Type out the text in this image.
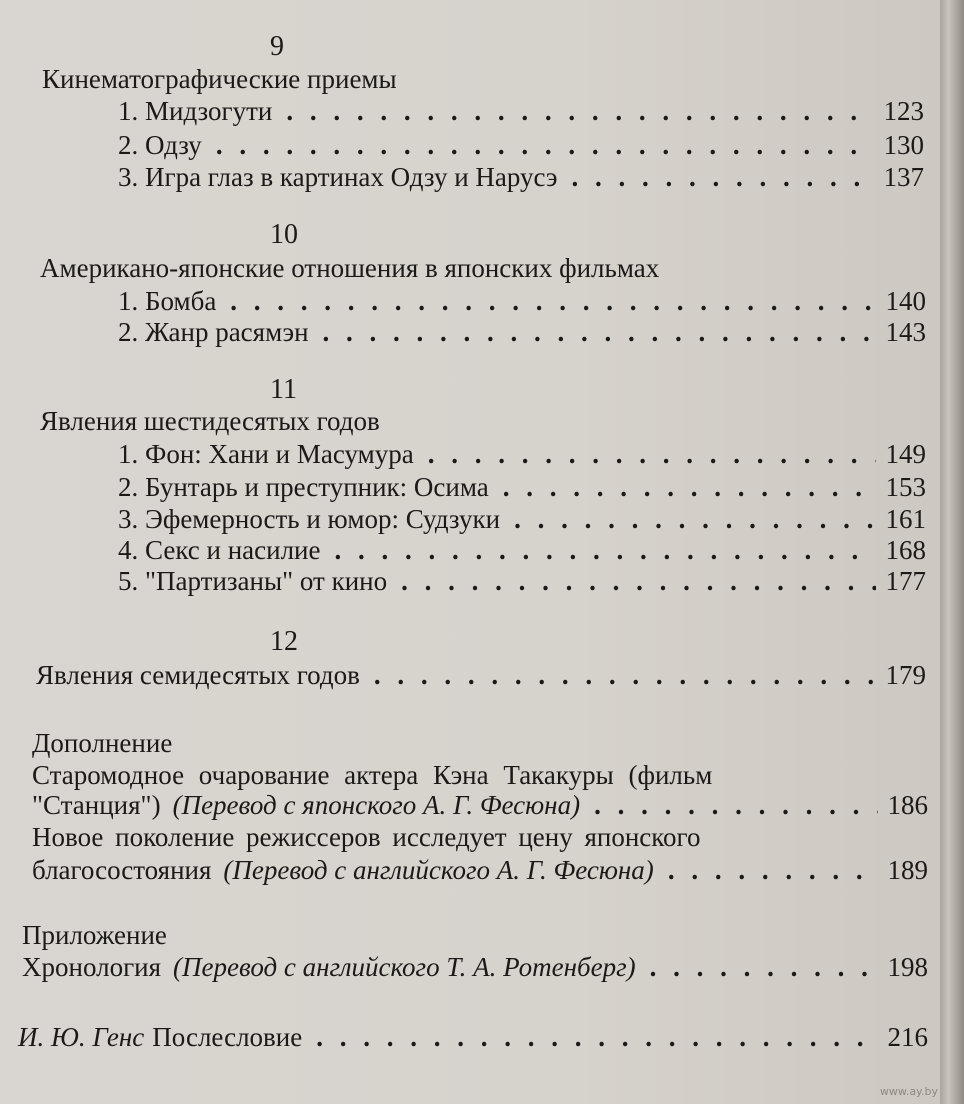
9
Кинематографические приемы
1. Мидзогути . . .	123
2. Одзу . . .	130
3. Игра глаз в картинах Одзу и Нарусэ . . .	137
10
Американо-японские отношения в японских фильмах
1. Бомба . . .	140
2. Жанр расямэн . . .	143
11
Явления шестидесятых годов
1. Фон: Хани и Масумура . . .	149
2. Бунтарь и преступник: Осима . . .	153
3. Эфемерность и юмор: Судзуки . . .	161
4. Секс и насилие . . .	168
5. "Партизаны" от кино . . .	177
12
Явления семидесятых годов . . .	179
Дополнение
Старомодное очарование актера Кэна Такакуры (фильм
"Станция") (Перевод с японского А. Г. Фесюна) . . .	186
Новое поколение режиссеров исследует цену японского
благосостояния (Перевод с английского А. Г. Фесюна) . . .	189
Приложение
Хронология (Перевод с английского Т. А. Ротенберг) . . .	198
И. Ю. Генс Послесловие . . .	216
www.ay.by
